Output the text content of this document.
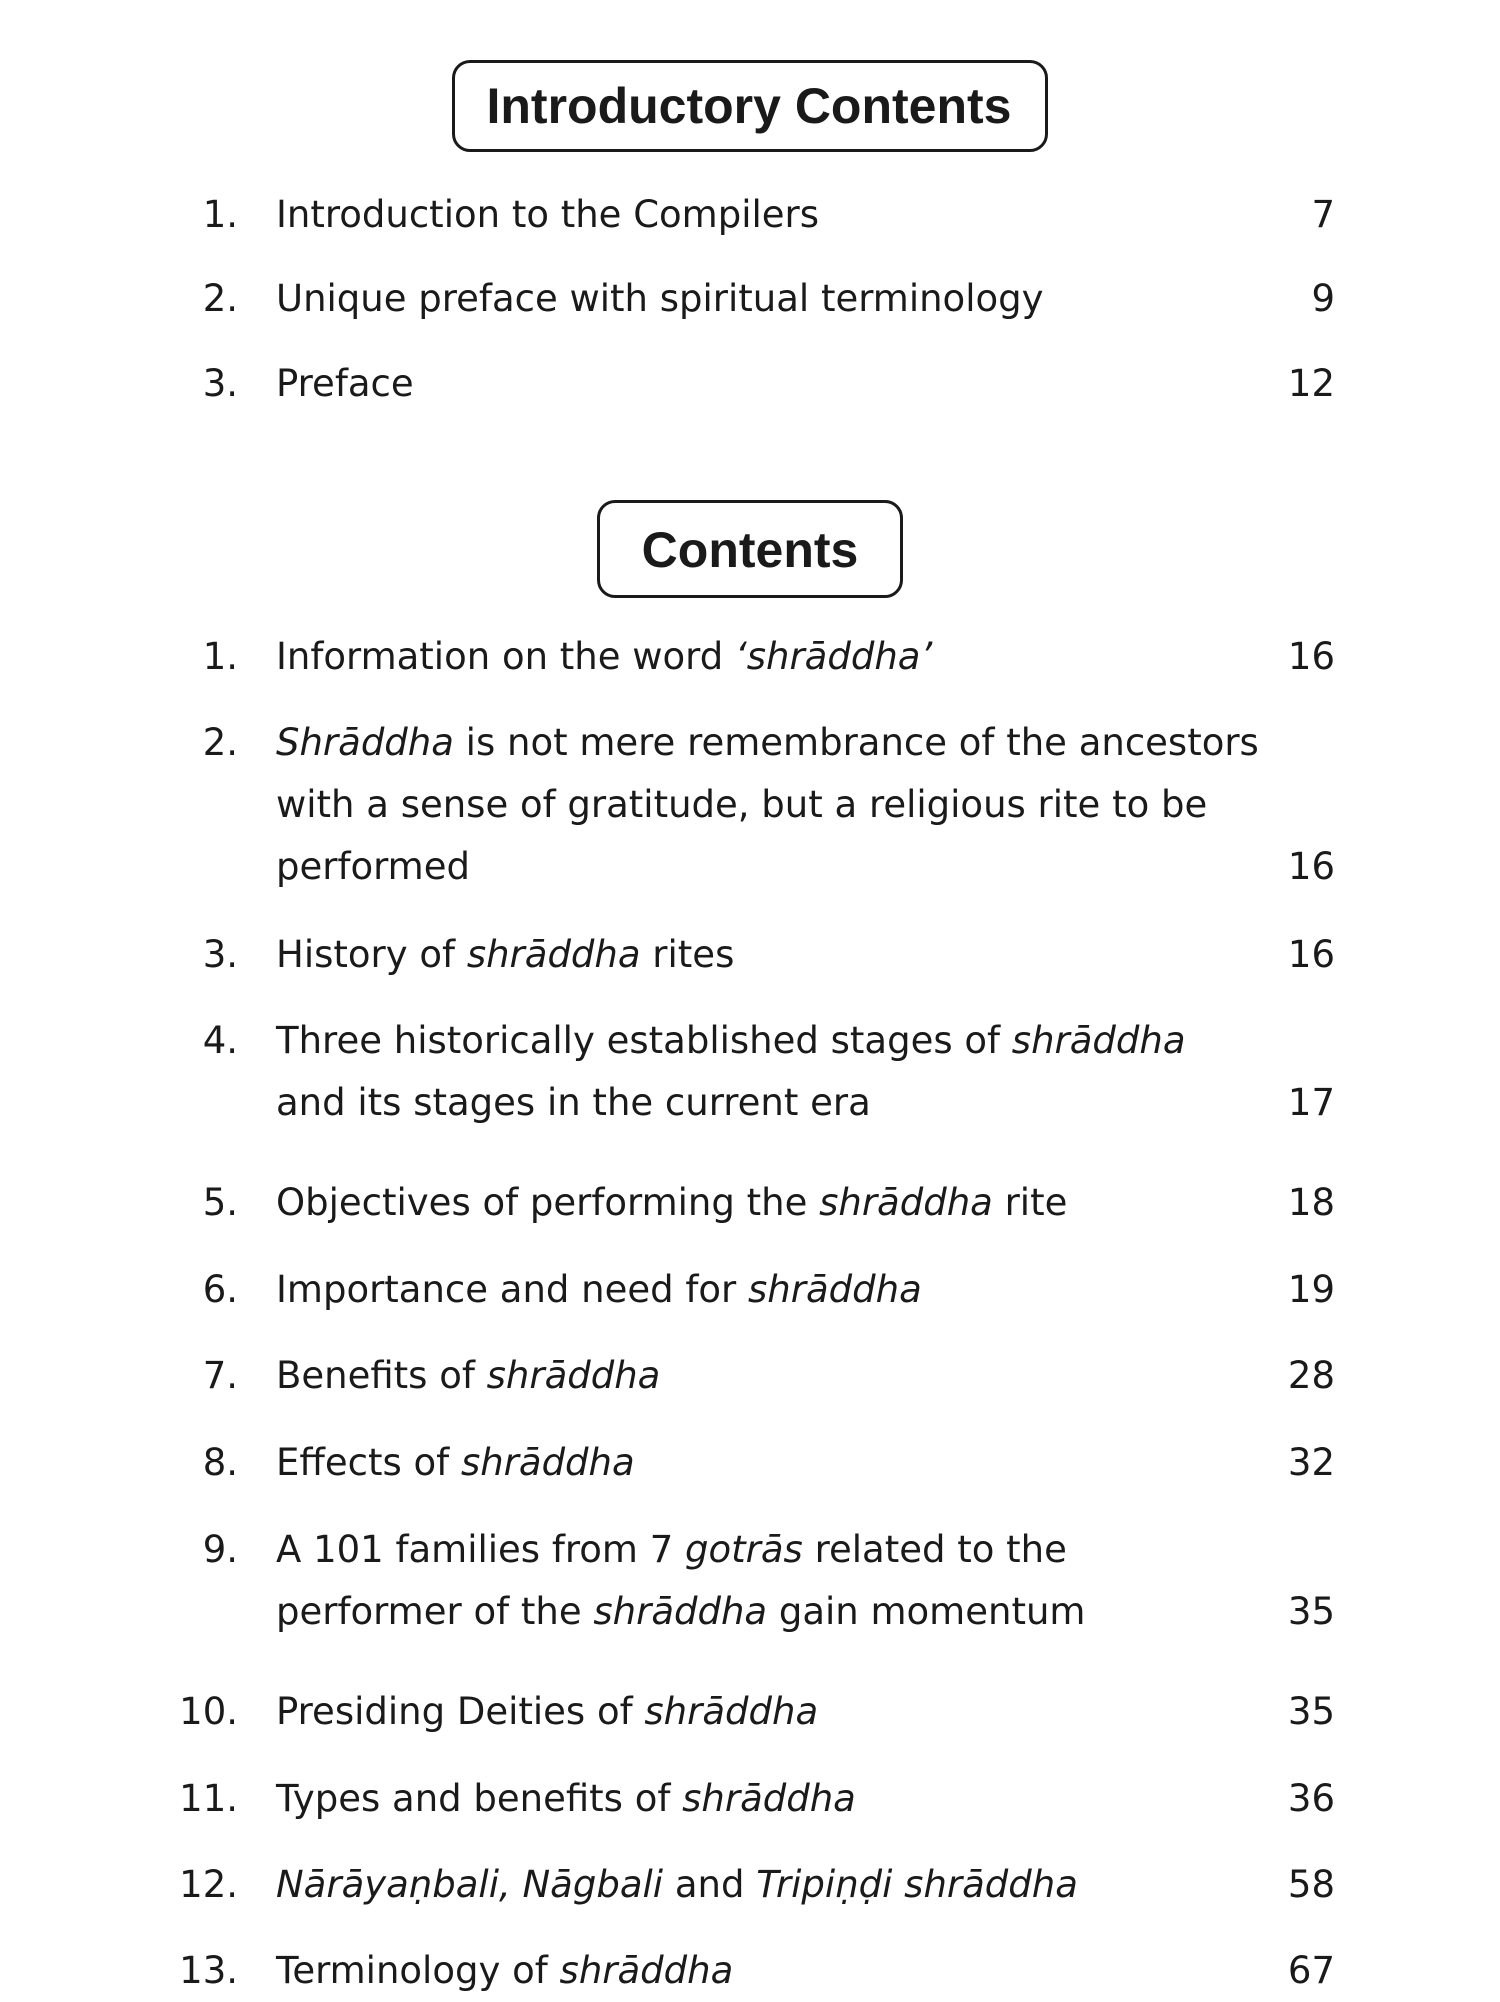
Introductory Contents
1. Introduction to the Compilers	7
2. Unique preface with spiritual terminology	9
3. Preface	12
Contents
1. Information on the word ‘shrāddha’	16
2. Shrāddha is not mere remembrance of the ancestors
with a sense of gratitude, but a religious rite to be
performed	16
3. History of shrāddha rites	16
4. Three historically established stages of shrāddha
and its stages in the current era	17
5. Objectives of performing the shrāddha rite	18
6. Importance and need for shrāddha	19
7. Benefits of shrāddha	28
8. Effects of shrāddha	32
9. A 101 families from 7 gotrās related to the
performer of the shrāddha gain momentum	35
10. Presiding Deities of shrāddha	35
11. Types and benefits of shrāddha	36
12. Nārāyaṇbali, Nāgbali and Tripiṇḍi shrāddha	58
13. Terminology of shrāddha	67
